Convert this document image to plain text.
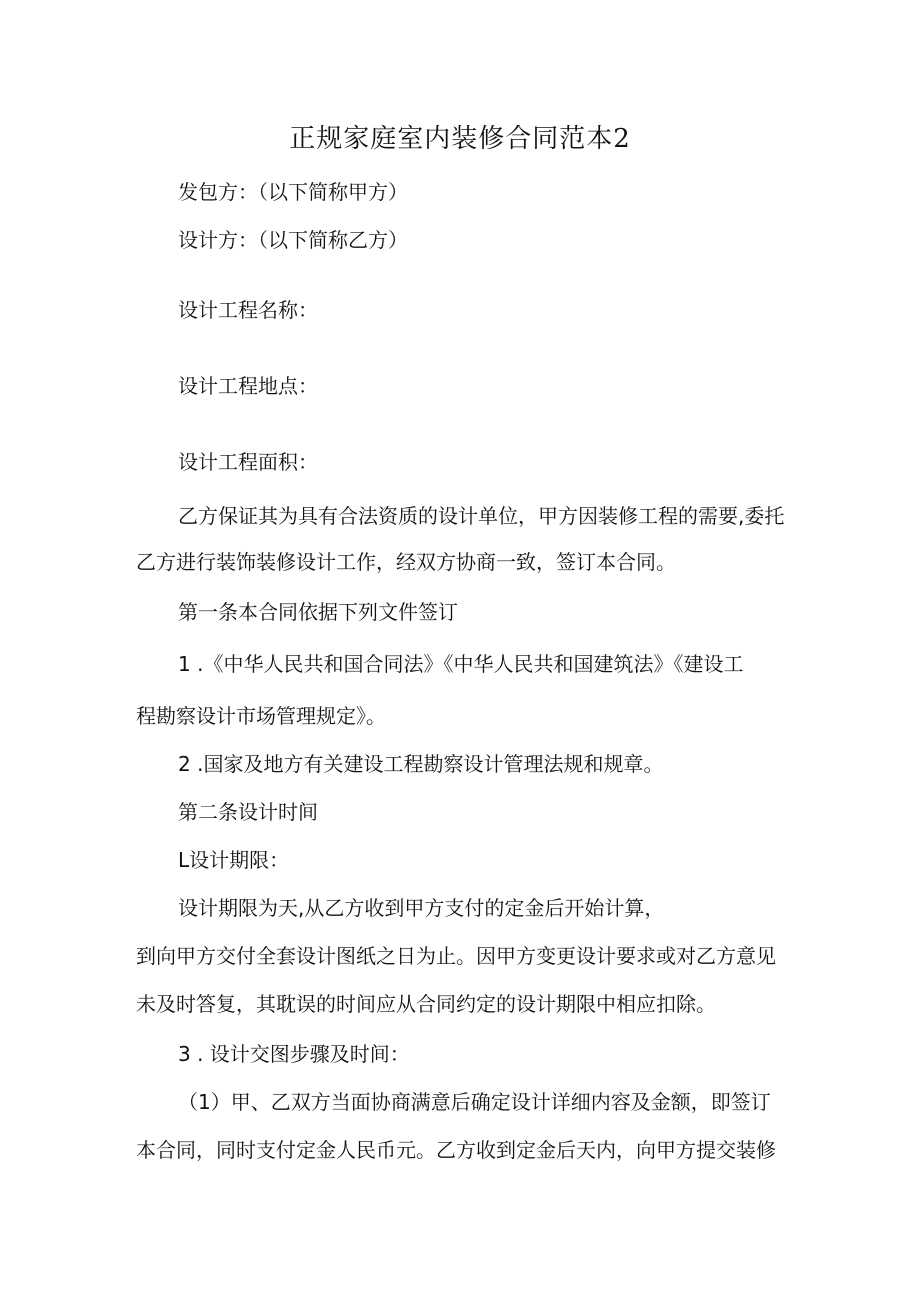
正规家庭室内装修合同范本2
发包方：（以下简称甲方）
设计方：（以下简称乙方）
设计工程名称：
设计工程地点：
设计工程面积：
乙方保证其为具有合法资质的设计单位，甲方因装修工程的需要,委托
乙方进行装饰装修设计工作，经双方协商一致，签订本合同。
第一条本合同依据下列文件签订
1 .《中华人民共和国合同法》《中华人民共和国建筑法》《建设工
程勘察设计市场管理规定》。
2 .国家及地方有关建设工程勘察设计管理法规和规章。
第二条设计时间
L设计期限：
设计期限为天,从乙方收到甲方支付的定金后开始计算，
到向甲方交付全套设计图纸之日为止。因甲方变更设计要求或对乙方意见
未及时答复，其耽误的时间应从合同约定的设计期限中相应扣除。
3 . 设计交图步骤及时间：
（1）甲、乙双方当面协商满意后确定设计详细内容及金额，即签订
本合同，同时支付定金人民币元。乙方收到定金后天内，向甲方提交装修
